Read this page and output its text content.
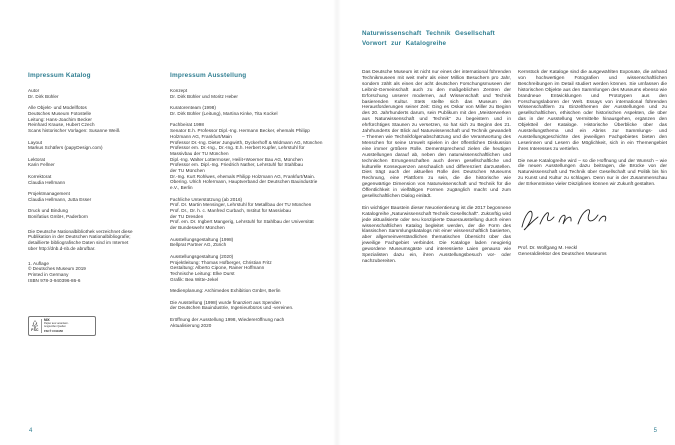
Impressum Katalog
Autor
Dr. Dirk Bühler
Alle Objekt- und Modellfotos
Deutsches Museum Fotostelle
Leitung: Hans-Joachim Becker
Reinhard Krause, Hubert Czech
Scans historischer Vorlagen: Susanne Weiß
Layout
Markus Schäfers (papyDesign.com)
Lektorat
Karin Fellner
Korrektorat
Claudia Hellmann
Projektmanagement
Claudia Hellmann, Jutta Esser
Druck und Bindung
Bonifatius GmbH, Paderborn
Die Deutsche Nationalbibliothek verzeichnet diese
Publikation in der Deutschen Nationalbibliografie;
detaillierte bibliografische Daten sind im Internet
über http://dnb.d-nb.de abrufbar.
1. Auflage
© Deutsches Museum 2019
Printed in Germany
ISBN 978-3-940396-86-6
FSC
MIX
Papier aus verantwor-
tungsvollen Quellen
FSC® C011958
Impressum Ausstellung
Konzept
Dr. Dirk Bühler und Moritz Heber
Kuratorenteam (1998)
Dr. Dirk Bühler (Leitung), Martina Kinke, Tita Kockel
Fachbeirat 1998
Senator E.h. Professor Dipl.-Ing. Hermann Becker, ehemals Philipp
Holzmann AG, Frankfurt/Main
Professor Dr.-Ing. Dieter Jungwirth, Dyckerhoff & Widmann AG, München
Professor em. Dr.-Ing., Dr.-Ing. E.h. Herbert Kupfer, Lehrstuhl für
Massivbau der TU München
Dipl.-Ing. Walter Lottermoser, Heilit+Woerner Bau AG, München
Professor em. Dipl.-Ing. Friedrich Nather, Lehrstuhl für Stahlbau
der TU München
Dr.-Ing. Kurt Rohlwes, ehemals Philipp Holzmann AG, Frankfurt/Main.
Obering. Ulrich Hofermann, Hauptverband der Deutschen Bauindustrie
e.V., Berlin
Fachliche Unterstützung (ab 2016)
Prof. Dr. Martin Mensinger, Lehrstuhl für Metallbau der TU München
Prof. Dr., Dr. h. c. Manfred Curbach, Institut für Massivbau
der TU Dresden
Prof. em. Dr. Ingbert Mangerig, Lehrstuhl für Stahlbau der Universität
der Bundeswehr München
Ausstellungsgestaltung (1998)
Bellprat Partner AG, Zürich
Ausstellungsgestaltung (2020)
Projektleitung: Thomas Hofberger, Christian Fritz
Gestaltung: Alberto Cipone, Rainer Hoffmann
Technische Leitung: Elke Durst
Grafik: Bea Witte-Jekel
Medienplanung: Archimedes Exhibition GmbH, Berlin
Die Ausstellung (1998) wurde finanziert aus Spenden
der Deutschen Bauindustrie, Ingenieurbüros und -vereinen.
Eröffnung der Ausstellung 1998, Wiedereröffnung nach
Aktualisierung 2020
Naturwissenschaft Technik Gesellschaft
Vorwort zur Katalogreihe

Das Deutsche Museum ist nicht nur eines der international führenden Technikmuseen mit weit mehr als einer Million Besuchern pro Jahr, sondern zählt als eines der acht deutschen Forschungsmuseen der Leibniz-Gemeinschaft auch zu den maßgeblichen Zentren der Erforschung unserer modernen, auf Wissenschaft und Technik basierenden Kultur. Stets stellte sich das Museum den Herausforderungen seiner Zeit: Ging es Oskar von Miller zu Beginn des 20. Jahrhunderts darum, sein Publikum mit den „Meisterwerken aus Naturwissenschaft und Technik“ zu begeistern und in ehrfürchtiges Staunen zu versetzen, so hat sich zu Beginn des 21. Jahrhunderts der Blick auf Naturwissenschaft und Technik gewandelt – Themen wie Technikfolgenabschätzung und die Verantwortung des Menschen für seine Umwelt spielen in der öffentlichen Diskussion eine immer größere Rolle. Dementsprechend zielen die heutigen Ausstellungen darauf ab, neben den naturwissenschaftlichen und technischen Errungenschaften auch deren gesellschaftliche und kulturelle Konsequenzen anschaulich und differenziert darzustellen. Dies trägt auch der aktuellen Rolle des Deutschen Museums Rechnung, eine Plattform zu sein, die die historische wie gegenwärtige Dimension von Naturwissenschaft und Technik für die Öffentlichkeit in vielfältigen Formen zugänglich macht und zum gesellschaftlichen Dialog einlädt.

Ein wichtiger Baustein dieser Neuorientierung ist die 2017 begonnene Katalogreihe „Naturwissenschaft Technik Gesellschaft“. Zukünftig wird jede aktualisierte oder neu konzipierte Dauerausstellung durch einen wissenschaftlichen Katalog begleitet werden, der die Form des klassischen Sammlungskatalogs mit einer wissenschaftlich basierten, aber allgemeinverständlichen thematischen Übersicht über das jeweilige Fachgebiet verbindet. Die Kataloge laden neugierig gewordene Museumsgäste und interessierte Laien genauso wie Spezialisten dazu ein, ihren Ausstellungsbesuch vor- oder nachzubereiten.

Kernstück der Kataloge sind die ausgewählten Exponate, die anhand von hochwertigen Fotografien und wissenschaftlichen Beschreibungen im Detail studiert werden können. Sie umfassen die historischen Objekte aus den Sammlungen des Museums ebenso wie brandneue Entwicklungen und Prototypen aus den Forschungslaboren der Welt. Essays von international führenden Wissenschaftlern zu Einzelthemen der Ausstellungen und zu gesellschaftlichen, ethischen oder historischen Aspekten, die über das in der Ausstellung Vermittelte hinausgehen, ergänzen den Objektteil der Kataloge. Historische Überblicke über das Ausstellungsthema und ein Abriss zur Sammlungs- und Ausstellungsgeschichte des jeweiligen Fachgebietes bieten den Leserinnen und Lesern die Möglichkeit, sich in ein Themengebiet ihres Interesses zu vertiefen.

Die neue Katalogreihe wird – so die Hoffnung und der Wunsch – wie die neuen Ausstellungen dazu beitragen, die Brücke von der Naturwissenschaft und Technik über Gesellschaft und Politik bis hin zu Kunst und Kultur zu schlagen. Denn nur in der Zusammenschau der Erkenntnisse vieler Disziplinen können wir Zukunft gestalten.

Prof. Dr. Wolfgang M. Heckl
Generaldirektor des Deutschen Museums
4	5
